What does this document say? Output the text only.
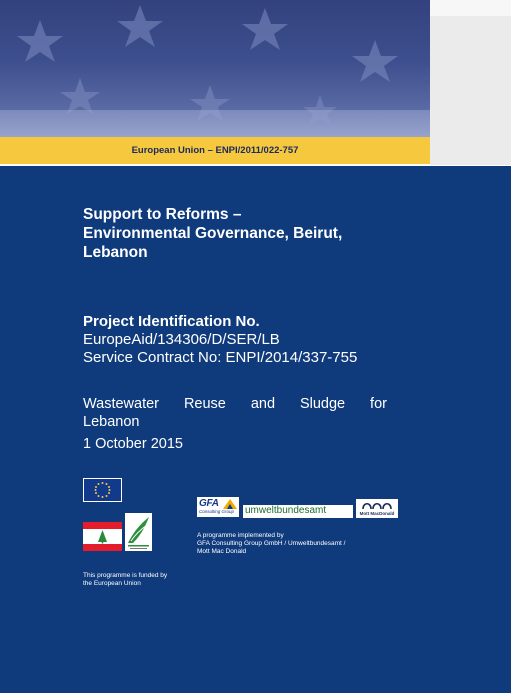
European Union – ENPI/2011/022-757
Support to Reforms –
Environmental Governance, Beirut,
Lebanon
Project Identification No.
EuropeAid/134306/D/SER/LB
Service Contract No: ENPI/2014/337-755
Wastewater Reuse and Sludge for
Lebanon
1 October 2015
This programme is funded by the European Union
GFA
Consulting Group umweltbundesamt	Mott MacDonald
A programme implemented by
GFA Consulting Group GmbH / Umweltbundesamt /
Mott Mac Donald
